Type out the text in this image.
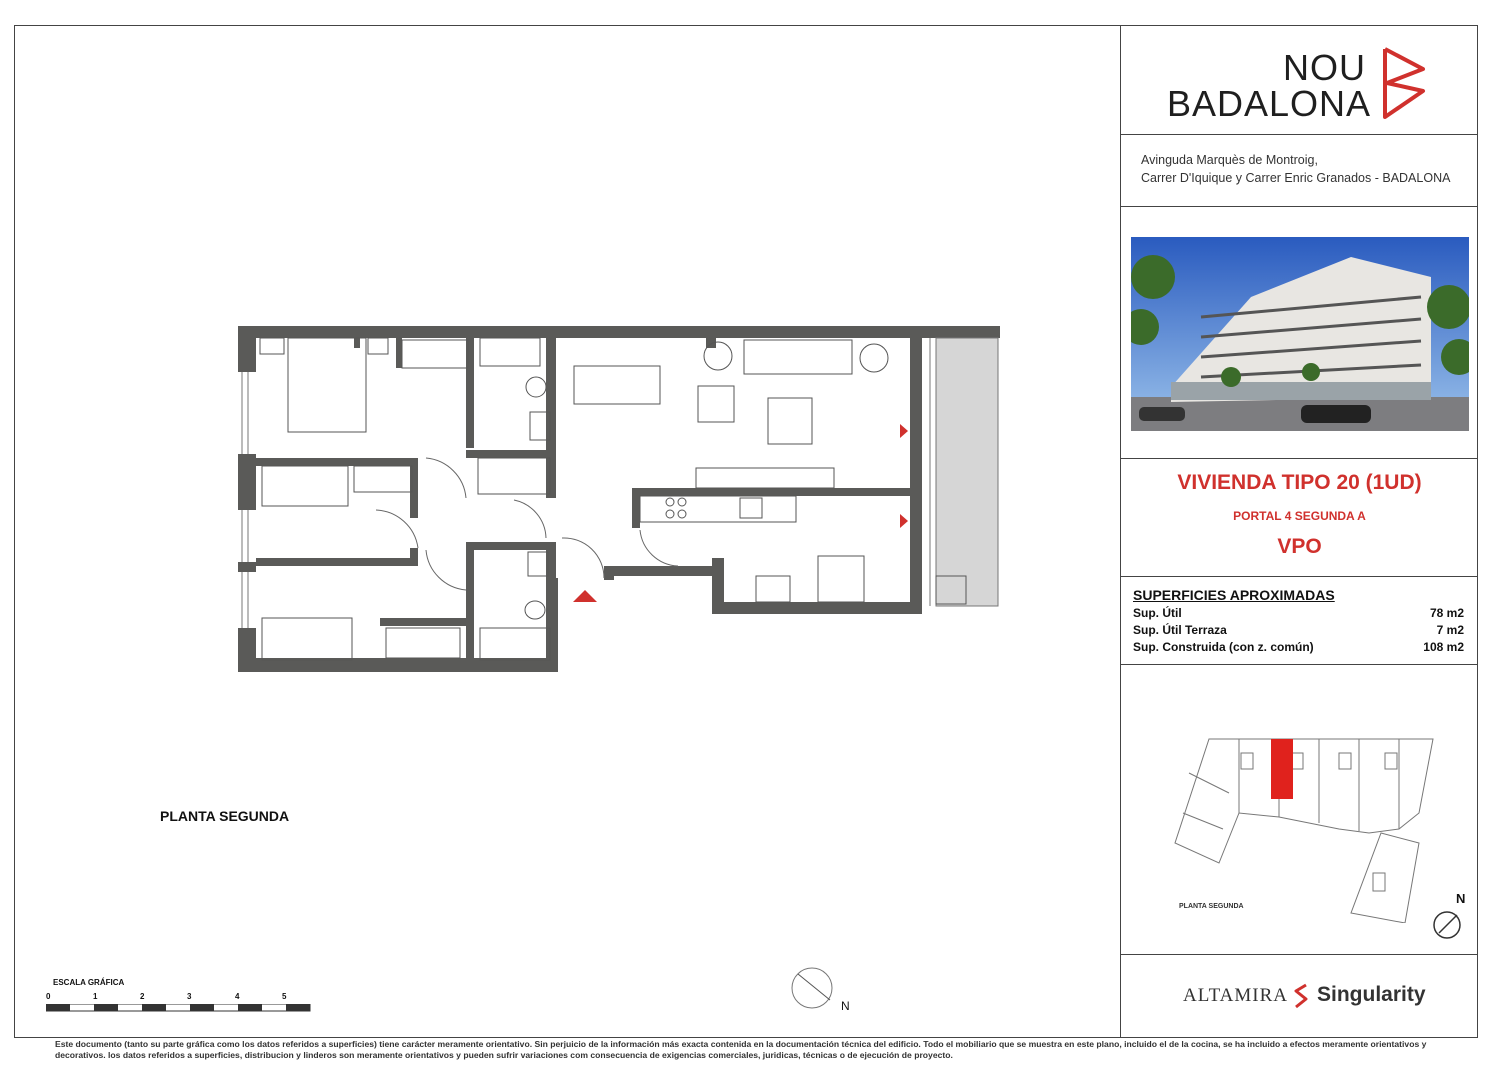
PLANTA SEGUNDA
N
ESCALA GRÁFICA
0	1	2	3	4	5
NOU
BADALONA
Avinguda Marquès de Montroig,
Carrer D'Iquique y Carrer Enric Granados - BADALONA
VIVIENDA TIPO 20 (1UD)
PORTAL 4 SEGUNDA A
VPO
SUPERFICIES APROXIMADAS
Sup. Útil	78 m2
Sup. Útil Terraza	7 m2
Sup. Construida (con z. común)	108 m2
PLANTA SEGUNDA
N
ALTAMIRA Singularity
Este documento (tanto su parte gráfica como los datos referidos a superficies) tiene carácter meramente orientativo. Sin perjuicio de la información más exacta contenida en la documentación técnica del edificio. Todo el mobiliario que se muestra en este plano, incluido el de la cocina, se ha incluido a efectos meramente orientativos y decorativos. los datos referidos a superficies, distribucion y linderos son meramente orientativos y pueden sufrir variaciones com consecuencia de exigencias comerciales, juridicas, técnicas o de ejecución de proyecto.
